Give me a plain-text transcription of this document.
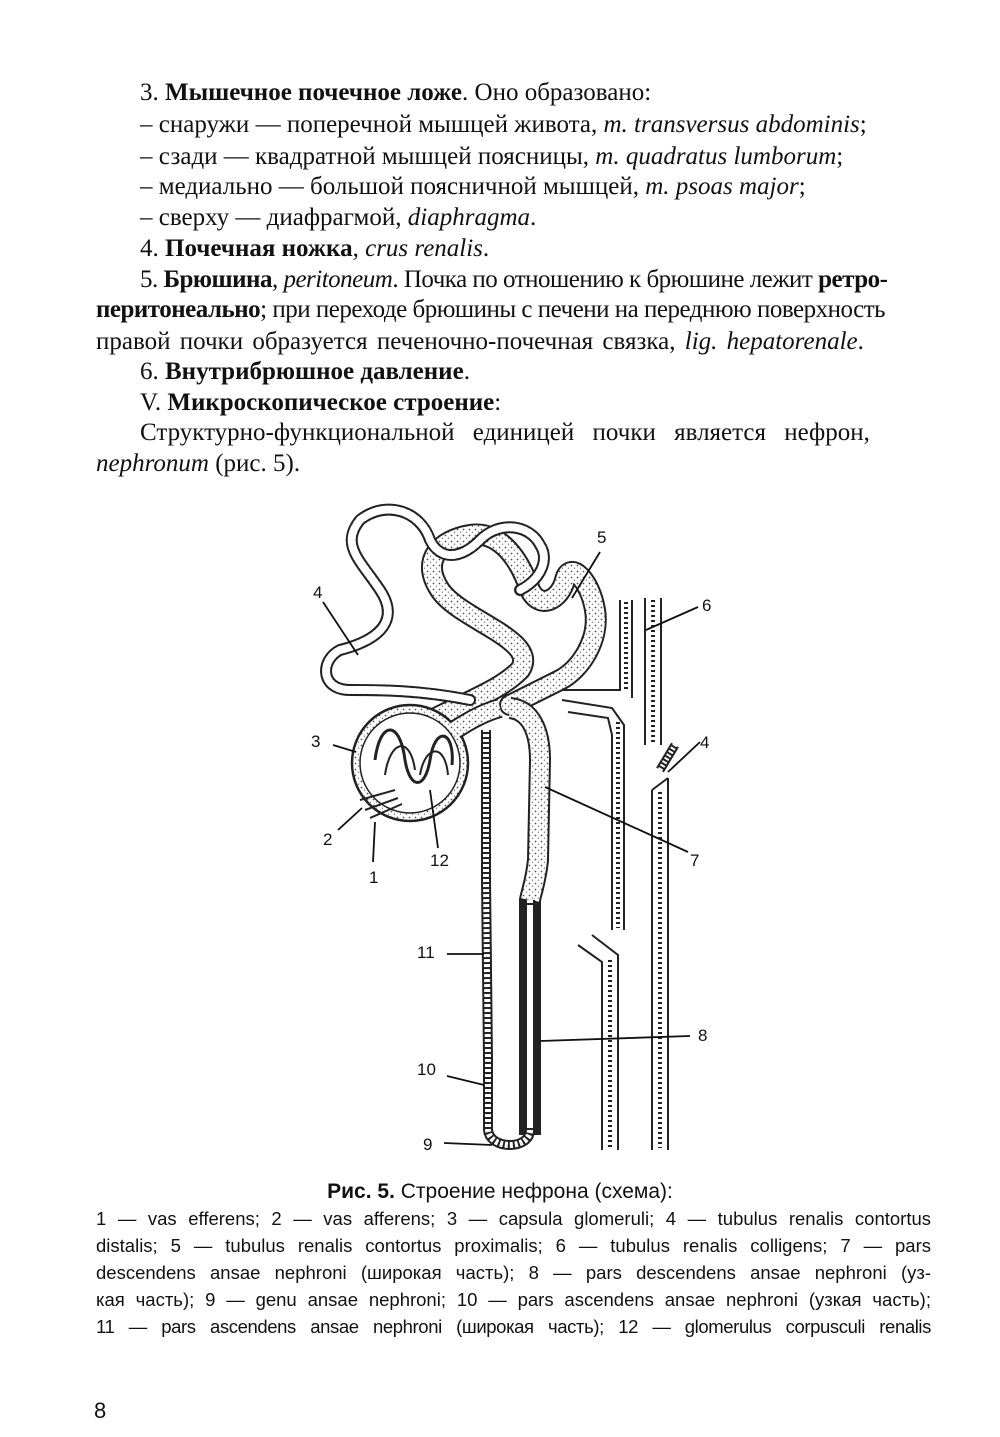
3. Мышечное почечное ложе. Оно образовано:
– снаружи — поперечной мышцей живота, m. transversus abdominis;
– сзади — квадратной мышцей поясницы, m. quadratus lumborum;
– медиально — большой поясничной мышцей, m. psoas major;
– сверху — диафрагмой, diaphragma.
4. Почечная ножка, crus renalis.
5. Брюшина, peritoneum. Почка по отношению к брюшине лежит ретро-
перитонеально; при переходе брюшины с печени на переднюю поверхность
правой почки образуется печеночно-почечная связка, lig. hepatorenale.
6. Внутрибрюшное давление.
V. Микроскопическое строение:
Структурно-функциональной единицей почки является нефрон,
nephronum (рис. 5).
1
2
3
4
4
5
6
7
8
9
10
11
12
Рис. 5. Строение нефрона (схема):
1 — vas efferens; 2 — vas afferens; 3 — capsula glomeruli; 4 — tubulus renalis contortus
distalis; 5 — tubulus renalis contortus proximalis; 6 — tubulus renalis colligens; 7 — pars
descendens ansae nephroni (широкая часть); 8 — pars descendens ansae nephroni (уз-
кая часть); 9 — genu ansae nephroni; 10 — pars ascendens ansae nephroni (узкая часть);
11 — pars ascendens ansae nephroni (широкая часть); 12 — glomerulus corpusculi renalis
8
